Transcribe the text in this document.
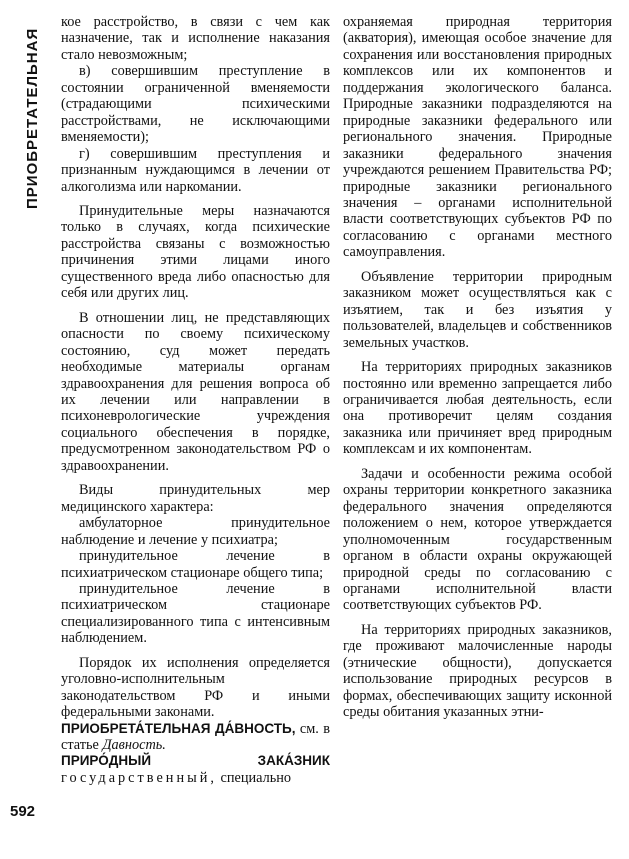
ПРИОБРЕТАТЕЛЬНАЯ

кое расстройство, в связи с чем как назначение, так и исполнение наказания стало невозможным;

в) совершившим преступление в состоянии ограниченной вменяемости (страдающими психическими расстройствами, не исключающими вменяемости);

г) совершившим преступления и признанным нуждающимся в лечении от алкоголизма или наркомании.

Принудительные меры назначаются только в случаях, когда психические расстройства связаны с возможностью причинения этими лицами иного существенного вреда либо опасностью для себя или других лиц.

В отношении лиц, не представляющих опасности по своему психическому состоянию, суд может передать необходимые материалы органам здравоохранения для решения вопроса об их лечении или направлении в психоневрологические учреждения социального обеспечения в порядке, предусмотренном законодательством РФ о здравоохранении.

Виды принудительных мер медицинского характера:

амбулаторное принудительное наблюдение и лечение у психиатра;

принудительное лечение в психиатрическом стационаре общего типа;

принудительное лечение в психиатрическом стационаре специализированного типа с интенсивным наблюдением.

Порядок их исполнения определяется уголовно-исполнительным законодательством РФ и иными федеральными законами.

ПРИОБРЕТА́ТЕЛЬНАЯ ДА́ВНОСТЬ, см. в статье Давность.

ПРИРО́ДНЫЙ ЗАКА́ЗНИК государственный, специально

охраняемая природная территория (акватория), имеющая особое значение для сохранения или восстановления природных комплексов или их компонентов и поддержания экологического баланса. Природные заказники подразделяются на природные заказники федерального или регионального значения. Природные заказники федерального значения учреждаются решением Правительства РФ; природные заказники регионального значения – органами исполнительной власти соответствующих субъектов РФ по согласованию с органами местного самоуправления.

Объявление территории природным заказником может осуществляться как с изъятием, так и без изъятия у пользователей, владельцев и собственников земельных участков.

На территориях природных заказников постоянно или временно запрещается либо ограничивается любая деятельность, если она противоречит целям создания заказника или причиняет вред природным комплексам и их компонентам.

Задачи и особенности режима особой охраны территории конкретного заказника федерального значения определяются положением о нем, которое утверждается уполномоченным государственным органом в области охраны окружающей природной среды по согласованию с органами исполнительной власти соответствующих субъектов РФ.

На территориях природных заказников, где проживают малочисленные народы (этнические общности), допускается использование природных ресурсов в формах, обеспечивающих защиту исконной среды обитания указанных этни-

592
